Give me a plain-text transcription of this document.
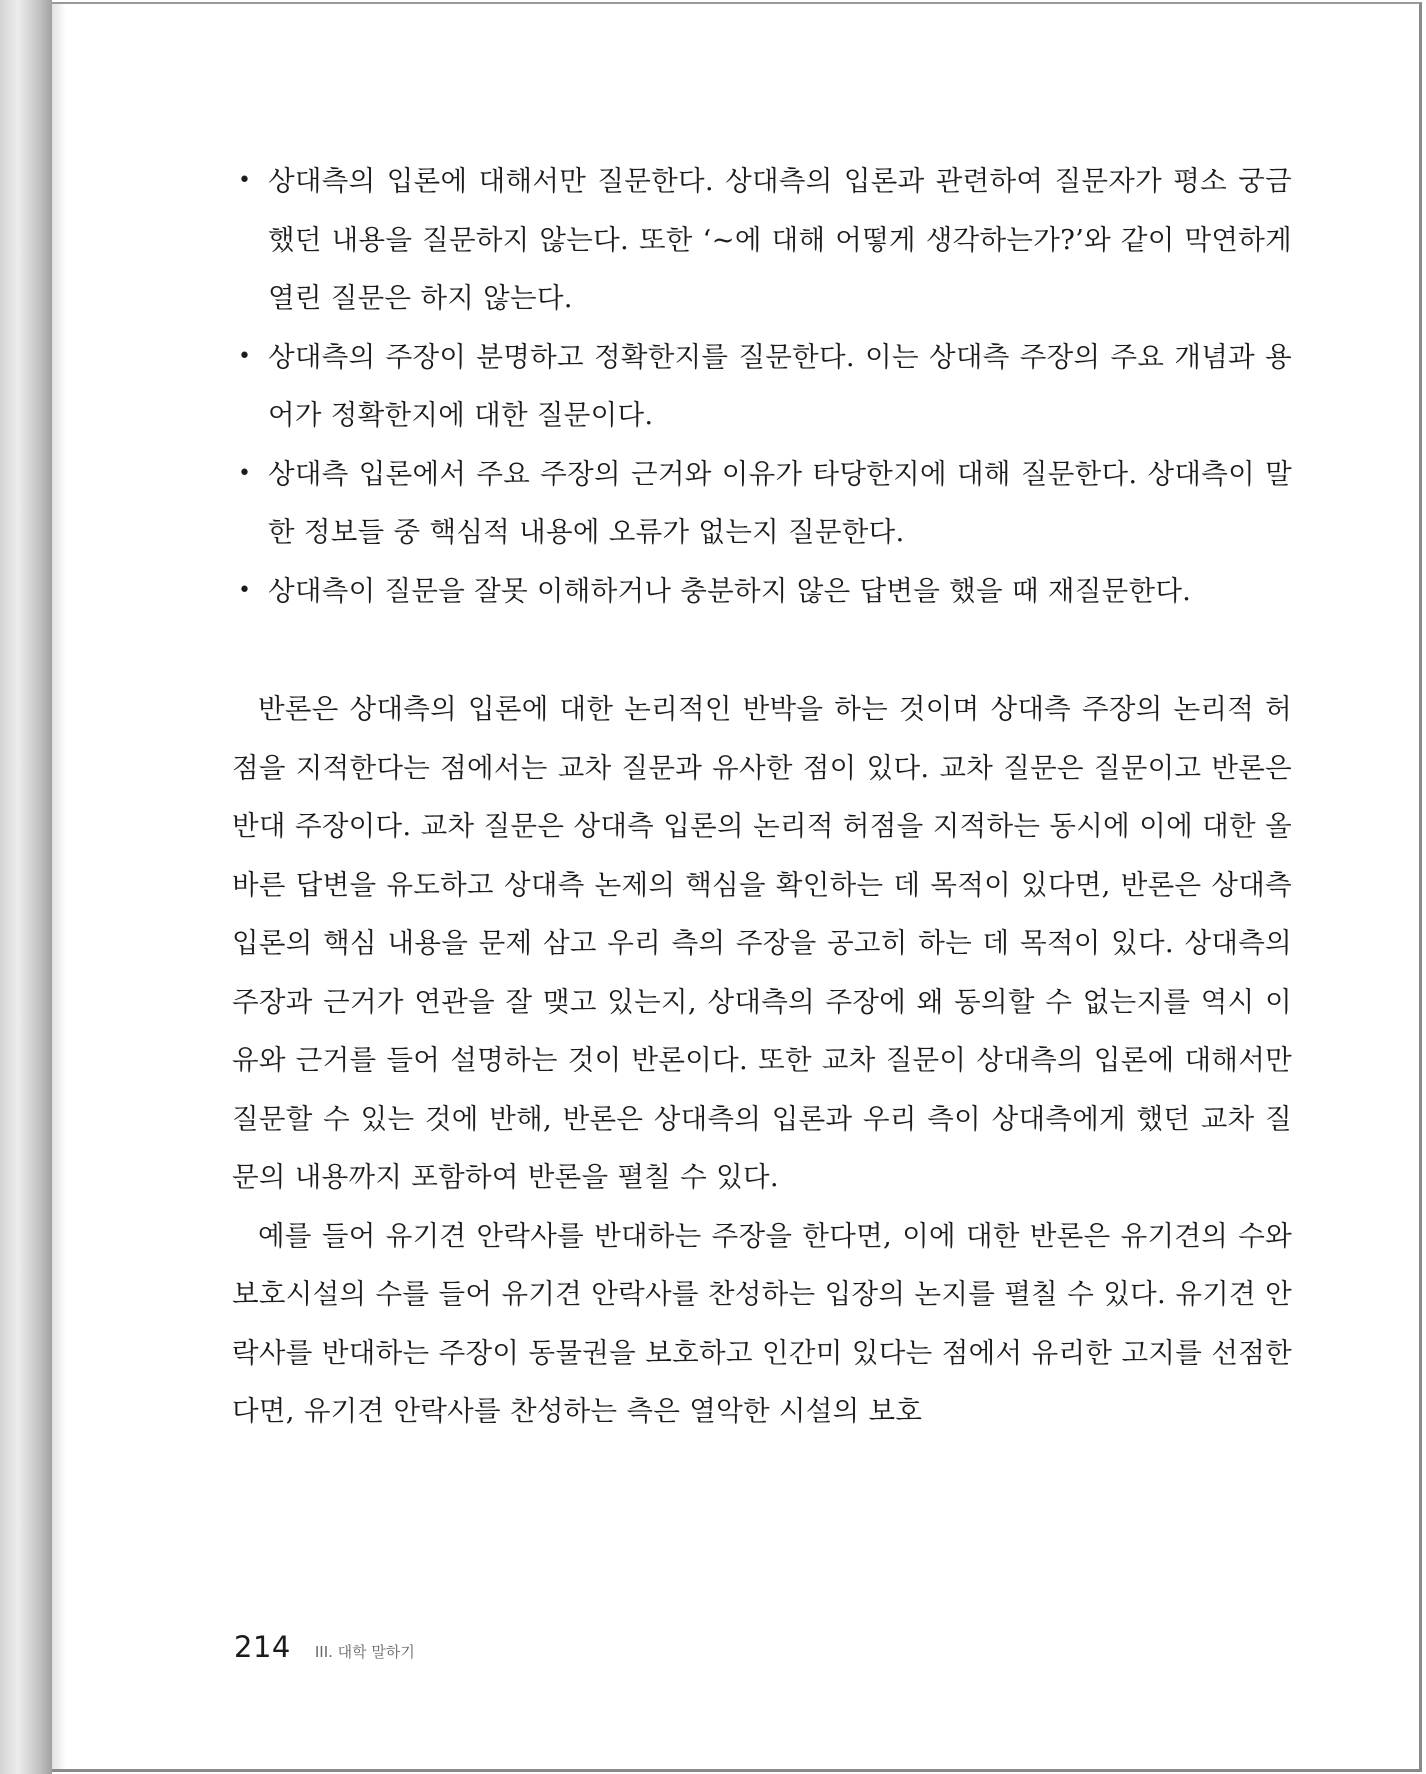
• 상대측의 입론에 대해서만 질문한다. 상대측의 입론과 관련하여 질문자가 평소 궁금했던 내용을 질문하지 않는다. 또한 ‘~에 대해 어떻게 생각하는가?’와 같이 막연하게 열린 질문은 하지 않는다.
• 상대측의 주장이 분명하고 정확한지를 질문한다. 이는 상대측 주장의 주요 개념과 용어가 정확한지에 대한 질문이다.
• 상대측 입론에서 주요 주장의 근거와 이유가 타당한지에 대해 질문한다. 상대측이 말한 정보들 중 핵심적 내용에 오류가 없는지 질문한다.
• 상대측이 질문을 잘못 이해하거나 충분하지 않은 답변을 했을 때 재질문한다.

반론은 상대측의 입론에 대한 논리적인 반박을 하는 것이며 상대측 주장의 논리적 허점을 지적한다는 점에서는 교차 질문과 유사한 점이 있다. 교차 질문은 질문이고 반론은 반대 주장이다. 교차 질문은 상대측 입론의 논리적 허점을 지적하는 동시에 이에 대한 올바른 답변을 유도하고 상대측 논제의 핵심을 확인하는 데 목적이 있다면, 반론은 상대측 입론의 핵심 내용을 문제 삼고 우리 측의 주장을 공고히 하는 데 목적이 있다. 상대측의 주장과 근거가 연관을 잘 맺고 있는지, 상대측의 주장에 왜 동의할 수 없는지를 역시 이유와 근거를 들어 설명하는 것이 반론이다. 또한 교차 질문이 상대측의 입론에 대해서만 질문할 수 있는 것에 반해, 반론은 상대측의 입론과 우리 측이 상대측에게 했던 교차 질문의 내용까지 포함하여 반론을 펼칠 수 있다.

예를 들어 유기견 안락사를 반대하는 주장을 한다면, 이에 대한 반론은 유기견의 수와 보호시설의 수를 들어 유기견 안락사를 찬성하는 입장의 논지를 펼칠 수 있다. 유기견 안락사를 반대하는 주장이 동물권을 보호하고 인간미 있다는 점에서 유리한 고지를 선점한다면, 유기견 안락사를 찬성하는 측은 열악한 시설의 보호

214 III. 대학 말하기
